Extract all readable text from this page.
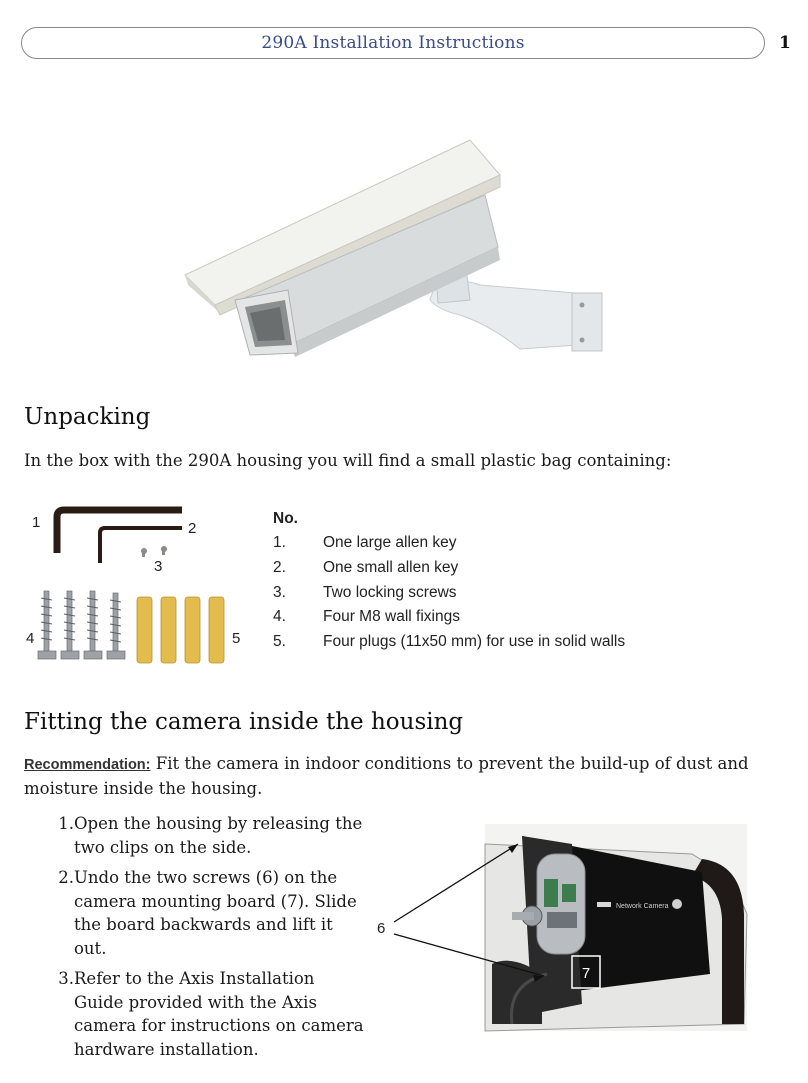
290A Installation Instructions	1
Unpacking
In the box with the 290A housing you will find a small plastic bag containing:
1	2
3
4	5
No.
1.	One large allen key
2.	One small allen key
3.	Two locking screws
4.	Four M8 wall fixings
5.	Four plugs (11x50 mm) for use in solid walls
Fitting the camera inside the housing
Recommendation: Fit the camera in indoor conditions to prevent the build-up of dust and moisture inside the housing.
1. Open the housing by releasing the two clips on the side.
2. Undo the two screws (6) on the camera mounting board (7). Slide the board backwards and lift it out.
3. Refer to the Axis Installation Guide provided with the Axis camera for instructions on camera hardware installation.
Network Camera
7
6
